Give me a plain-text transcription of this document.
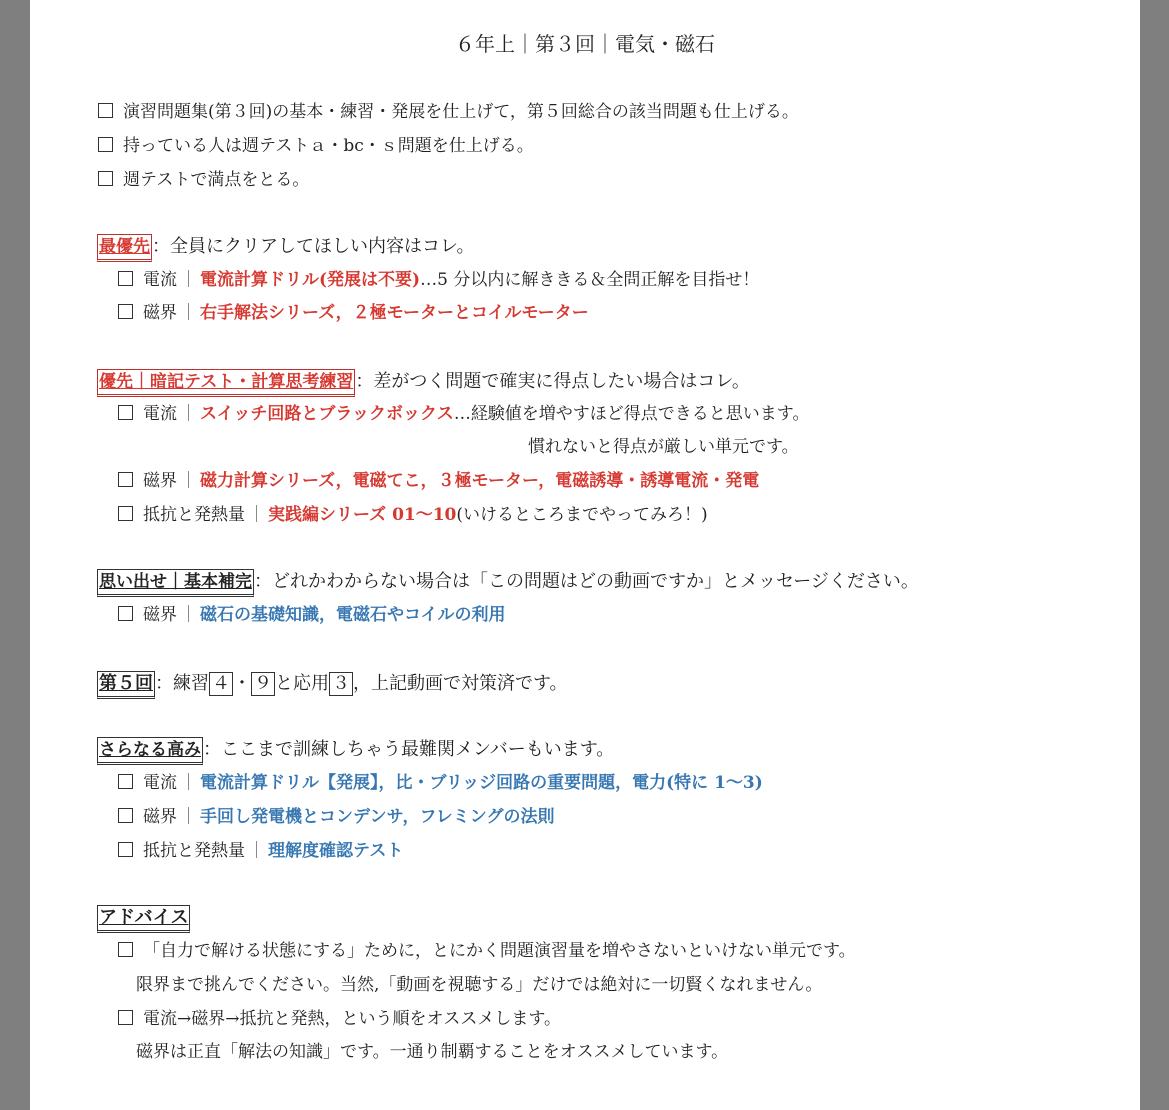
６年上｜第３回｜電気・磁石
演習問題集(第３回)の基本・練習・発展を仕上げて，第５回総合の該当問題も仕上げる。
持っている人は週テストａ・bc・ｓ問題を仕上げる。
週テストで満点をとる。
最優先 ：全員にクリアしてほしい内容はコレ。
電流 ｜ 電流計算ドリル(発展は不要)…5 分以内に解ききる＆全問正解を目指せ！
磁界 ｜ 右手解法シリーズ，２極モーターとコイルモーター
優先｜暗記テスト・計算思考練習 ：差がつく問題で確実に得点したい場合はコレ。
電流 ｜ スイッチ回路とブラックボックス…経験値を増やすほど得点できると思います。
慣れないと得点が厳しい単元です。
磁界 ｜ 磁力計算シリーズ，電磁てこ，３極モーター，電磁誘導・誘導電流・発電
抵抗と発熱量 ｜ 実践編シリーズ 01～10(いけるところまでやってみろ！)
思い出せ｜基本補完 ：どれかわからない場合は「この問題はどの動画ですか」とメッセージください。
磁界 ｜ 磁石の基礎知識，電磁石やコイルの利用
第５回 ：練習 ４ ・ ９ と応用 ３ ，上記動画で対策済です。
さらなる高み ：ここまで訓練しちゃう最難関メンバーもいます。
電流 ｜ 電流計算ドリル【発展】，比・ブリッジ回路の重要問題，電力(特に 1～3)
磁界 ｜ 手回し発電機とコンデンサ，フレミングの法則
抵抗と発熱量 ｜ 理解度確認テスト
アドバイス
「自力で解ける状態にする」ために，とにかく問題演習量を増やさないといけない単元です。
限界まで挑んでください。当然,「動画を視聴する」だけでは絶対に一切賢くなれません。
電流→磁界→抵抗と発熱，という順をオススメします。
磁界は正直「解法の知識」です。一通り制覇することをオススメしています。
